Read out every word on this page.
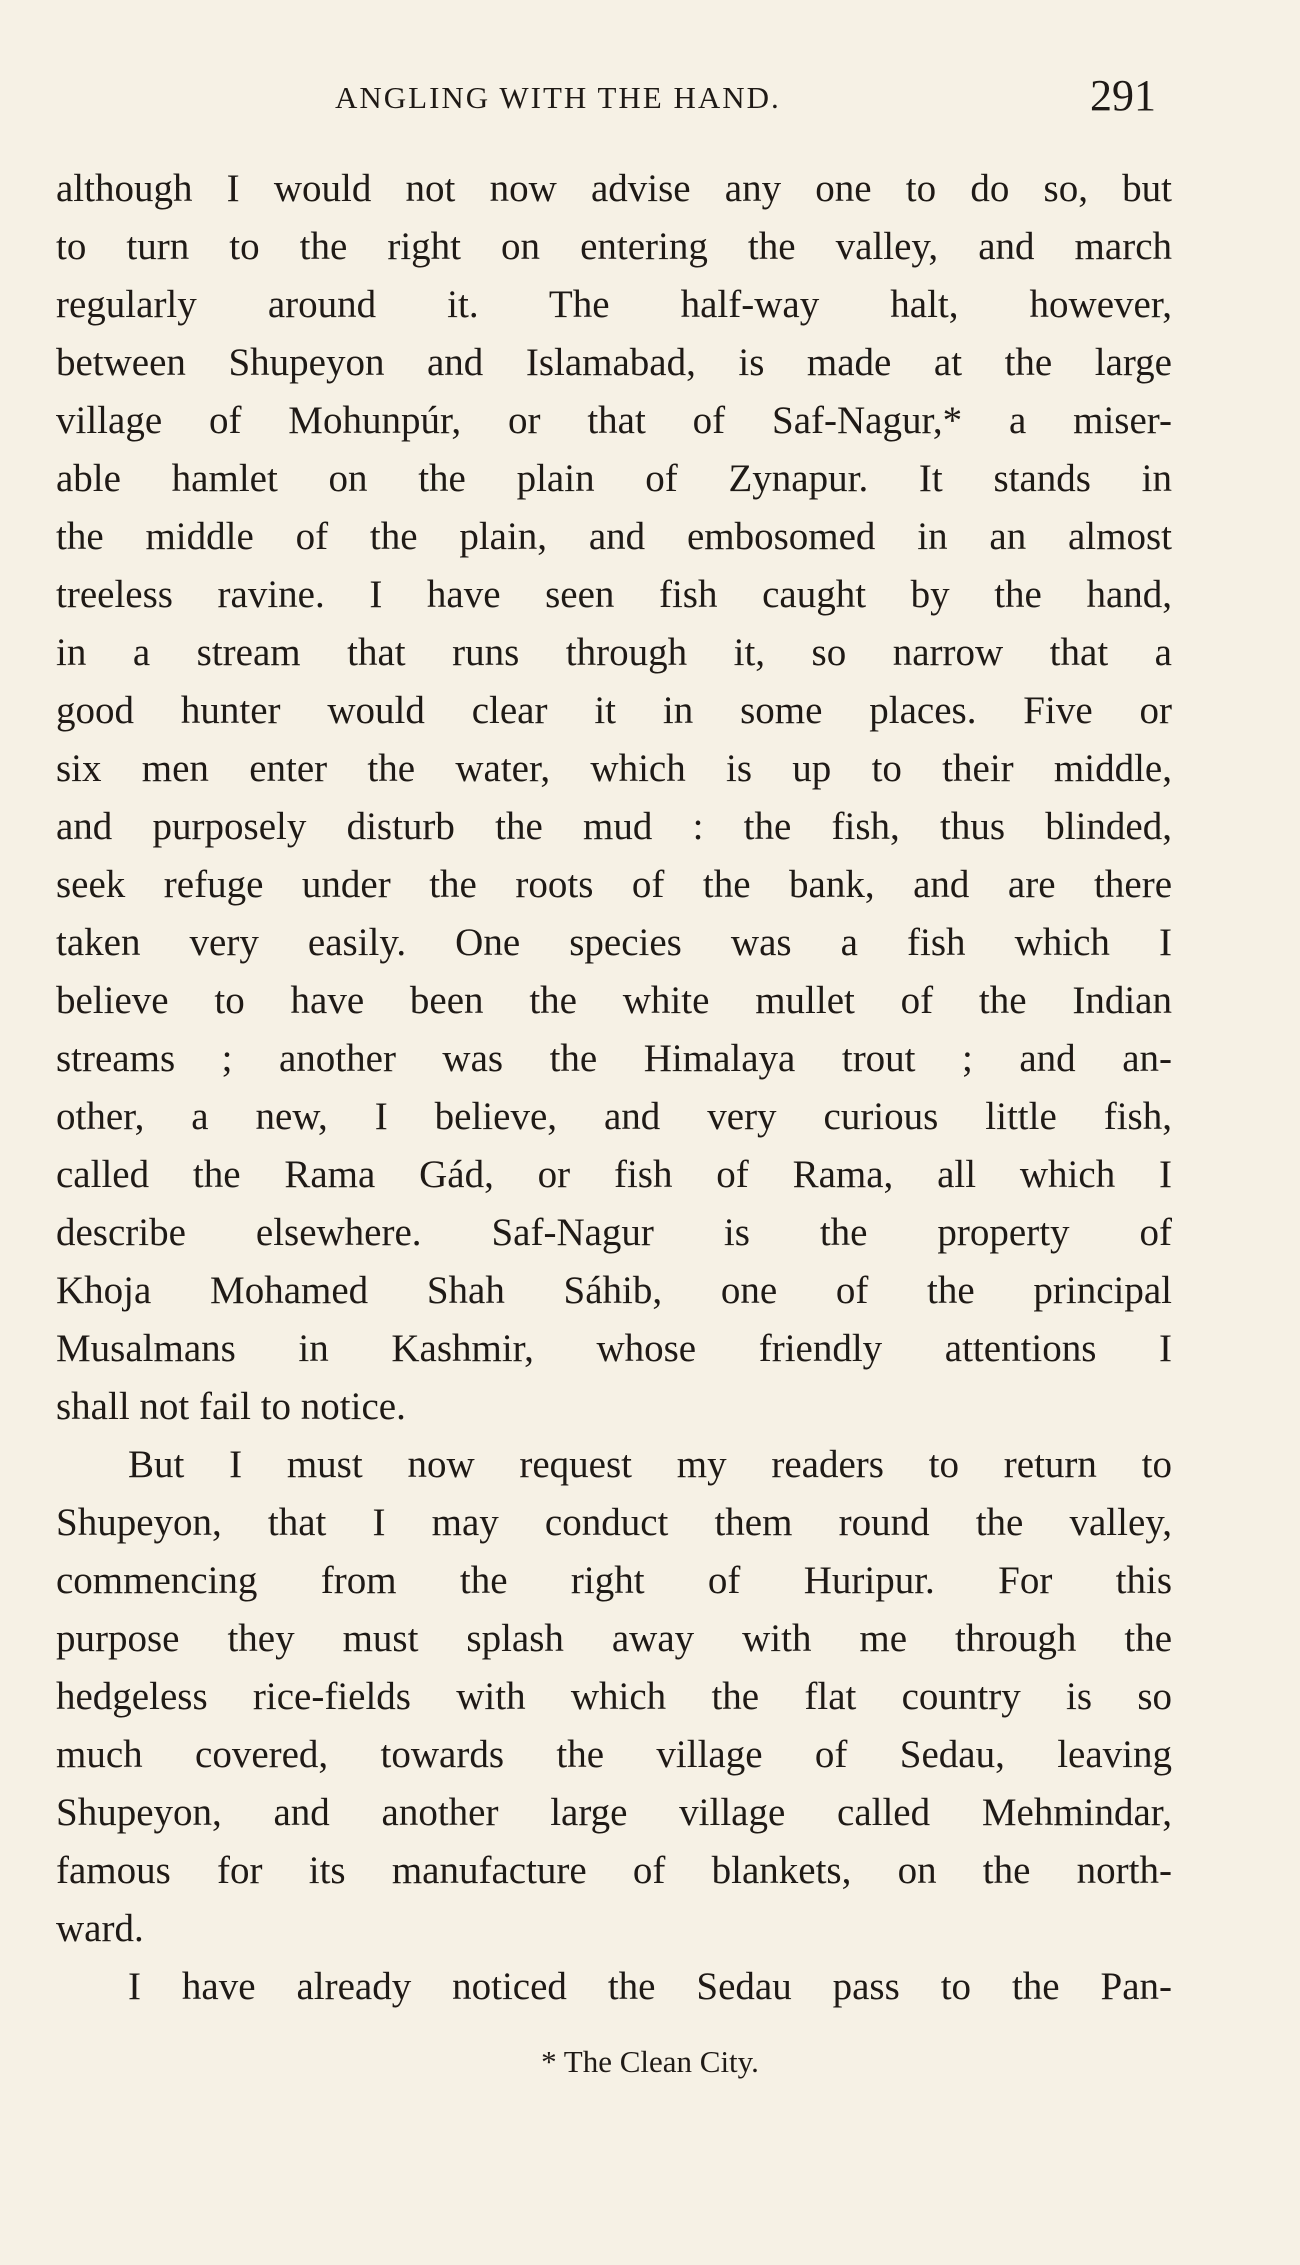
ANGLING WITH THE HAND.	291
although I would not now advise any one to do so, but
to turn to the right on entering the valley, and march
regularly around it. The half-way halt, however,
between Shupeyon and Islamabad, is made at the large
village of Mohunpúr, or that of Saf-Nagur,* a miser-
able hamlet on the plain of Zynapur. It stands in
the middle of the plain, and embosomed in an almost
treeless ravine. I have seen fish caught by the hand,
in a stream that runs through it, so narrow that a
good hunter would clear it in some places. Five or
six men enter the water, which is up to their middle,
and purposely disturb the mud : the fish, thus blinded,
seek refuge under the roots of the bank, and are there
taken very easily. One species was a fish which I
believe to have been the white mullet of the Indian
streams ; another was the Himalaya trout ; and an-
other, a new, I believe, and very curious little fish,
called the Rama Gád, or fish of Rama, all which I
describe elsewhere. Saf-Nagur is the property of
Khoja Mohamed Shah Sáhib, one of the principal
Musalmans in Kashmir, whose friendly attentions I
shall not fail to notice.
But I must now request my readers to return to
Shupeyon, that I may conduct them round the valley,
commencing from the right of Huripur. For this
purpose they must splash away with me through the
hedgeless rice-fields with which the flat country is so
much covered, towards the village of Sedau, leaving
Shupeyon, and another large village called Mehmindar,
famous for its manufacture of blankets, on the north-
ward.
I have already noticed the Sedau pass to the Pan-
* The Clean City.
